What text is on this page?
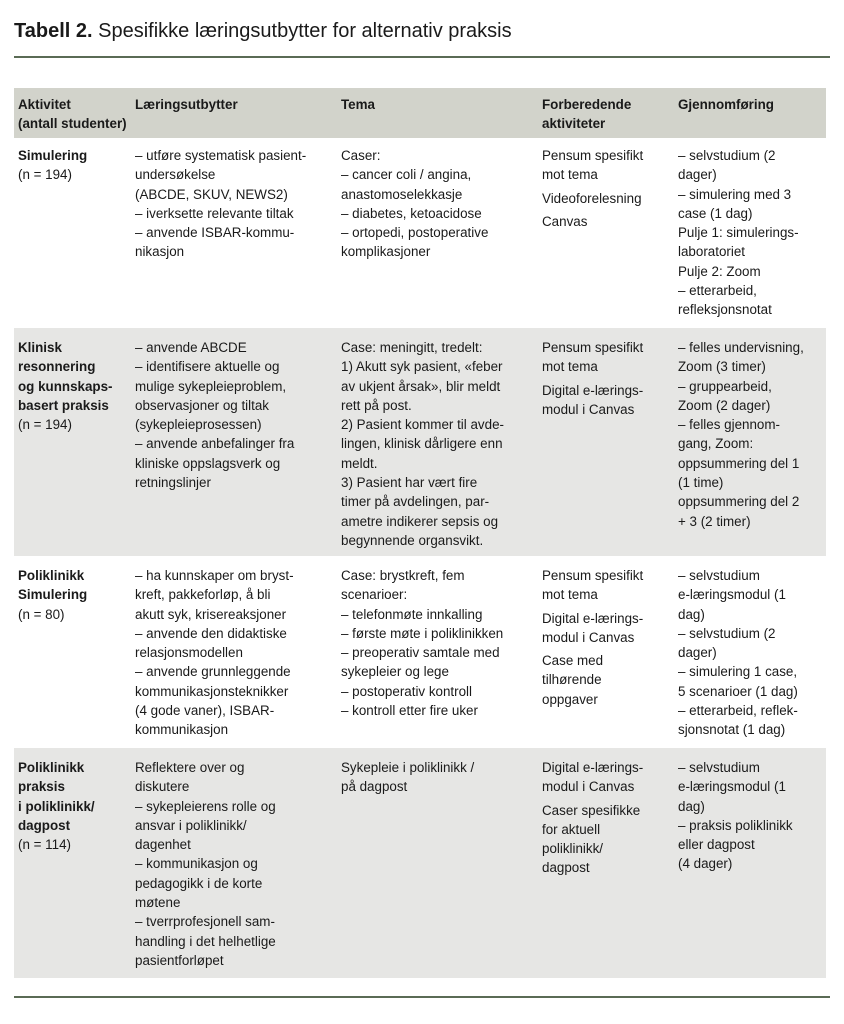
Tabell 2. Spesifikke læringsutbytter for alternativ praksis
Aktivitet
(antall studenter)
Læringsutbytter	Tema	Forberedende
aktiviteter
Gjennomføring
Simulering
(n = 194)
– utføre systematisk pasient-
undersøkelse
(ABCDE, SKUV, NEWS2)
– iverksette relevante tiltak
– anvende ISBAR-kommu-
nikasjon
Caser:
– cancer coli / angina,
anastomoselekkasje
– diabetes, ketoacidose
– ortopedi, postoperative
komplikasjoner
Pensum spesifikt
mot tema
Videoforelesning
Canvas
– selvstudium (2
dager)
– simulering med 3
case (1 dag)
Pulje 1: simulerings-
laboratoriet
Pulje 2: Zoom
– etterarbeid,
refleksjonsnotat
Klinisk
resonnering
og kunnskaps-
basert praksis
(n = 194)
– anvende ABCDE
– identifisere aktuelle og
mulige sykepleieproblem,
observasjoner og tiltak
(sykepleieprosessen)
– anvende anbefalinger fra
kliniske oppslagsverk og
retningslinjer
Case: meningitt, tredelt:
1) Akutt syk pasient, «feber
av ukjent årsak», blir meldt
rett på post.
2) Pasient kommer til avde-
lingen, klinisk dårligere enn
meldt.
3) Pasient har vært fire
timer på avdelingen, par-
ametre indikerer sepsis og
begynnende organsvikt.
Pensum spesifikt
mot tema
Digital e-lærings-
modul i Canvas
– felles undervisning,
Zoom (3 timer)
– gruppearbeid,
Zoom (2 dager)
– felles gjennom-
gang, Zoom:
oppsummering del 1
(1 time)
oppsummering del 2
+ 3 (2 timer)
Poliklinikk
Simulering
(n = 80)
– ha kunnskaper om bryst-
kreft, pakkeforløp, å bli
akutt syk, krisereaksjoner
– anvende den didaktiske
relasjonsmodellen
– anvende grunnleggende
kommunikasjonsteknikker
(4 gode vaner), ISBAR-
kommunikasjon
Case: brystkreft, fem
scenarioer:
– telefonmøte innkalling
– første møte i poliklinikken
– preoperativ samtale med
sykepleier og lege
– postoperativ kontroll
– kontroll etter fire uker
Pensum spesifikt
mot tema
Digital e-lærings-
modul i Canvas
Case med
tilhørende
oppgaver
– selvstudium
e-læringsmodul (1
dag)
– selvstudium (2
dager)
– simulering 1 case,
5 scenarioer (1 dag)
– etterarbeid, reflek-
sjonsnotat (1 dag)
Poliklinikk
praksis
i poliklinikk/
dagpost
(n = 114)
Reflektere over og
diskutere
– sykepleierens rolle og
ansvar i poliklinikk/
dagenhet
– kommunikasjon og
pedagogikk i de korte
møtene
– tverrprofesjonell sam-
handling i det helhetlige
pasientforløpet
Sykepleie i poliklinikk /
på dagpost
Digital e-lærings-
modul i Canvas
Caser spesifikke
for aktuell
poliklinikk/
dagpost
– selvstudium
e-læringsmodul (1
dag)
– praksis poliklinikk
eller dagpost
(4 dager)
